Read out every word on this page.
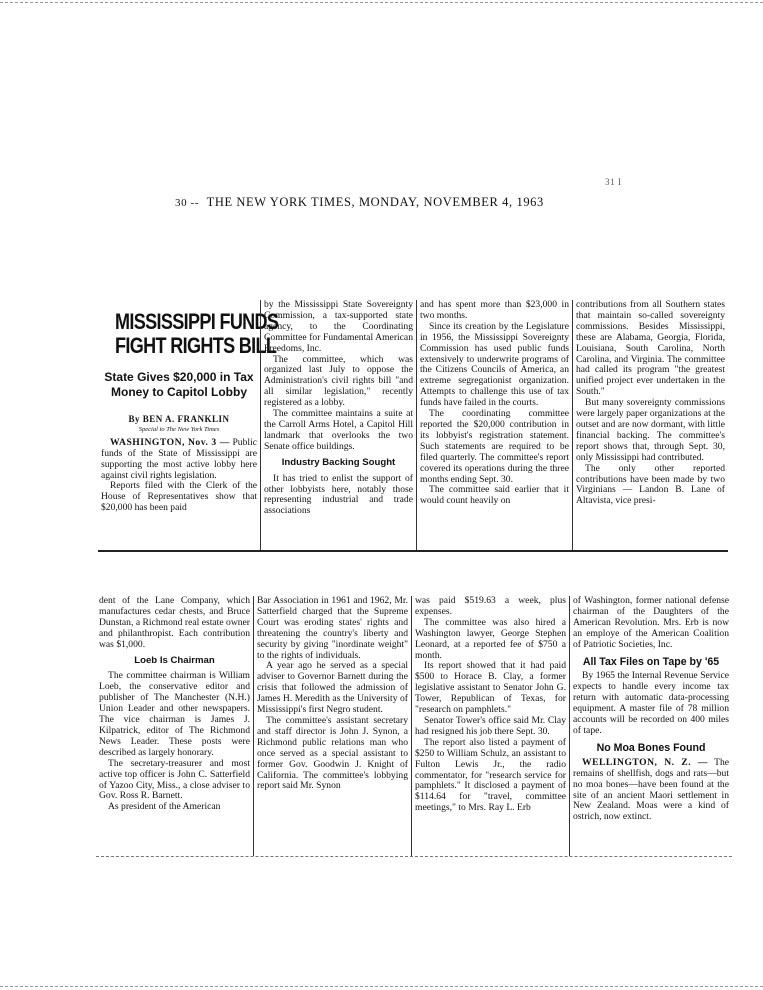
30 -- THE NEW YORK TIMES, MONDAY, NOVEMBER 4, 1963
31 I
MISSISSIPPI FUNDS
FIGHT RIGHTS BILL
State Gives $20,000 in Tax
Money to Capitol Lobby
By BEN A. FRANKLIN
Special to The New York Times

WASHINGTON, Nov. 3 — Public funds of the State of Mississippi are supporting the most active lobby here against civil rights legislation.

Reports filed with the Clerk of the House of Representatives show that $20,000 has been paid

by the Mississippi State Sovereignty Commission, a tax-supported state agency, to the Coordinating Committee for Fundamental American Freedoms, Inc.

The committee, which was organized last July to oppose the Administration's civil rights bill "and all similar legislation," recently registered as a lobby.

The committee maintains a suite at the Carroll Arms Hotel, a Capitol Hill landmark that overlooks the two Senate office buildings.

Industry Backing Sought

It has tried to enlist the support of other lobbyists here, notably those representing industrial and trade associations

and has spent more than $23,000 in two months.

Since its creation by the Legislature in 1956, the Mississippi Sovereignty Commission has used public funds extensively to underwrite programs of the Citizens Councils of America, an extreme segregationist organization. Attempts to challenge this use of tax funds have failed in the courts.

The coordinating committee reported the $20,000 contribution in its lobbyist's registration statement. Such statements are required to be filed quarterly. The committee's report covered its operations during the three months ending Sept. 30.

The committee said earlier that it would count heavily on

contributions from all Southern states that maintain so-called sovereignty commissions. Besides Mississippi, these are Alabama, Georgia, Florida, Louisiana, South Carolina, North Carolina, and Virginia. The committee had called its program "the greatest unified project ever undertaken in the South."

But many sovereignty commissions were largely paper organizations at the outset and are now dormant, with little financial backing. The committee's report shows that, through Sept. 30, only Mississippi had contributed.

The only other reported contributions have been made by two Virginians — Landon B. Lane of Altavista, vice presi-

dent of the Lane Company, which manufactures cedar chests, and Bruce Dunstan, a Richmond real estate owner and philanthropist. Each contribution was $1,000.

Loeb Is Chairman

The committee chairman is William Loeb, the conservative editor and publisher of The Manchester (N.H.) Union Leader and other newspapers. The vice chairman is James J. Kilpatrick, editor of The Richmond News Leader. These posts were described as largely honorary.

The secretary-treasurer and most active top officer is John C. Satterfield of Yazoo City, Miss., a close adviser to Gov. Ross R. Barnett.

As president of the American

Bar Association in 1961 and 1962, Mr. Satterfield charged that the Supreme Court was eroding states' rights and threatening the country's liberty and security by giving "inordinate weight" to the rights of individuals.

A year ago he served as a special adviser to Governor Barnett during the crisis that followed the admission of James H. Meredith as the University of Mississippi's first Negro student.

The committee's assistant secretary and staff director is John J. Synon, a Richmond public relations man who once served as a special assistant to former Gov. Goodwin J. Knight of California. The committee's lobbying report said Mr. Synon

was paid $519.63 a week, plus expenses.

The committee was also hired a Washington lawyer, George Stephen Leonard, at a reported fee of $750 a month.

Its report showed that it had paid $500 to Horace B. Clay, a former legislative assistant to Senator John G. Tower, Republican of Texas, for "research on pamphlets."

Senator Tower's office said Mr. Clay had resigned his job there Sept. 30.

The report also listed a payment of $250 to William Schulz, an assistant to Fulton Lewis Jr., the radio commentator, for "research service for pamphlets." It disclosed a payment of $114.64 for "travel, committee meetings," to Mrs. Ray L. Erb

of Washington, former national defense chairman of the Daughters of the American Revolution. Mrs. Erb is now an employe of the American Coalition of Patriotic Societies, Inc.

All Tax Files on Tape by '65

By 1965 the Internal Revenue Service expects to handle every income tax return with automatic data-processing equipment. A master file of 78 million accounts will be recorded on 400 miles of tape.

No Moa Bones Found

WELLINGTON, N. Z. — The remains of shellfish, dogs and rats—but no moa bones—have been found at the site of an ancient Maori settlement in New Zealand. Moas were a kind of ostrich, now extinct.
